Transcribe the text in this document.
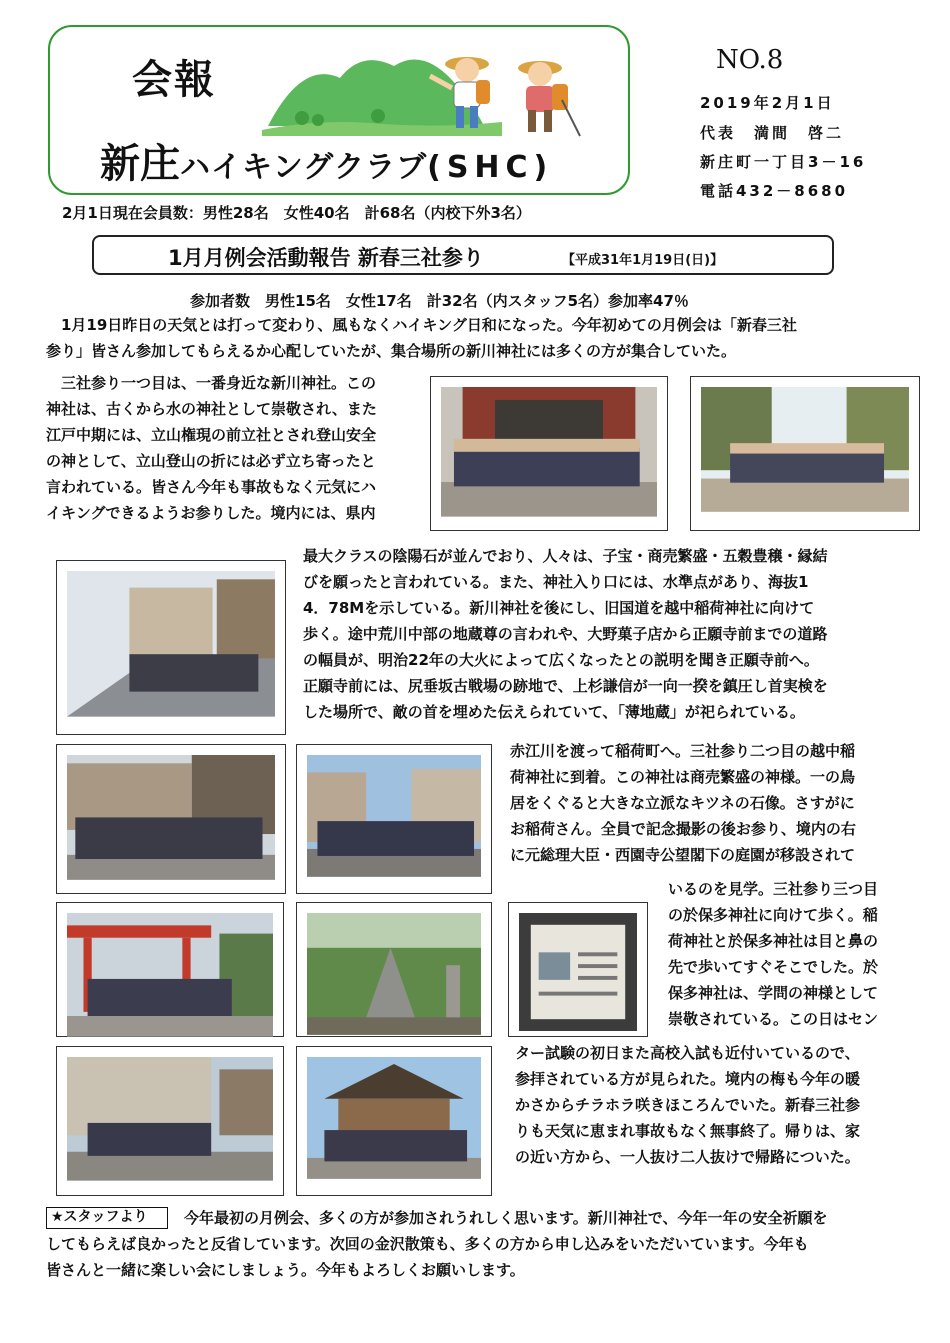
会報
新庄ハイキングクラブ(SHC)
NO.8
2019年2月1日
代表　満間　啓二
新庄町一丁目3－16
電話432－8680
2月1日現在会員数：男性28名　女性40名　計68名（内校下外3名）
1月月例会活動報告 新春三社参り	【平成31年1月19日(日)】
参加者数　男性15名　女性17名　計32名（内スタッフ5名）参加率47％
　1月19日昨日の天気とは打って変わり、風もなくハイキング日和になった。今年初めての月例会は「新春三社
参り」皆さん参加してもらえるか心配していたが、集合場所の新川神社には多くの方が集合していた。
　三社参り一つ目は、一番身近な新川神社。この
神社は、古くから水の神社として崇敬され、また
江戸中期には、立山権現の前立社とされ登山安全
の神として、立山登山の折には必ず立ち寄ったと
言われている。皆さん今年も事故もなく元気にハ
イキングできるようお参りした。境内には、県内
最大クラスの陰陽石が並んでおり、人々は、子宝・商売繁盛・五穀豊穣・縁結
びを願ったと言われている。また、神社入り口には、水準点があり、海抜1
4．78Mを示している。新川神社を後にし、旧国道を越中稲荷神社に向けて
歩く。途中荒川中部の地蔵尊の言われや、大野菓子店から正願寺前までの道路
の幅員が、明治22年の大火によって広くなったとの説明を聞き正願寺前へ。
正願寺前には、尻垂坂古戦場の跡地で、上杉謙信が一向一揆を鎮圧し首実検を
した場所で、敵の首を埋めた伝えられていて、「薄地蔵」が祀られている。
赤江川を渡って稲荷町へ。三社参り二つ目の越中稲
荷神社に到着。この神社は商売繁盛の神様。一の鳥
居をくぐると大きな立派なキツネの石像。さすがに
お稲荷さん。全員で記念撮影の後お参り、境内の右
に元総理大臣・西園寺公望閣下の庭園が移設されて
いるのを見学。三社参り三つ目
の於保多神社に向けて歩く。稲
荷神社と於保多神社は目と鼻の
先で歩いてすぐそこでした。於
保多神社は、学問の神様として
崇敬されている。この日はセン
ター試験の初日また高校入試も近付いているので、
参拝されている方が見られた。境内の梅も今年の暖
かさからチラホラ咲きほころんでいた。新春三社参
りも天気に恵まれ事故もなく無事終了。帰りは、家
の近い方から、一人抜け二人抜けで帰路についた。
★スタッフより	今年最初の月例会、多くの方が参加されうれしく思います。新川神社で、今年一年の安全祈願を
してもらえば良かったと反省しています。次回の金沢散策も、多くの方から申し込みをいただいています。今年も
皆さんと一緒に楽しい会にしましょう。今年もよろしくお願いします。
